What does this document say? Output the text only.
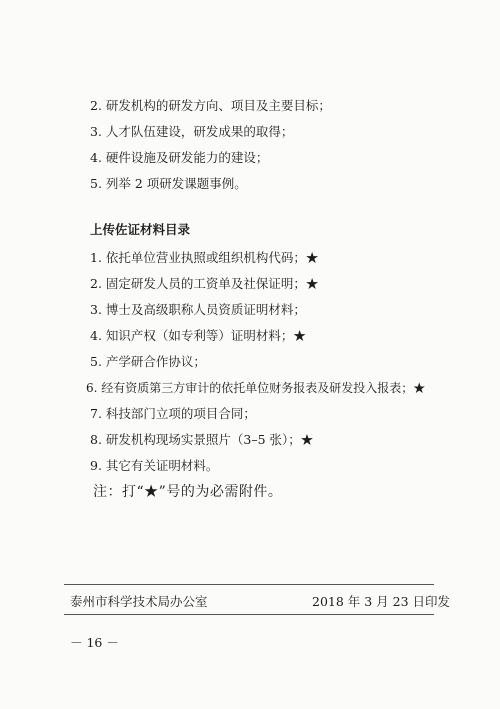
2. 研发机构的研发方向、项目及主要目标；
3. 人才队伍建设，研发成果的取得；
4. 硬件设施及研发能力的建设；
5. 列举 2 项研发课题事例。
上传佐证材料目录
1. 依托单位营业执照或组织机构代码；★
2. 固定研发人员的工资单及社保证明；★
3. 博士及高级职称人员资质证明材料；
4. 知识产权（如专利等）证明材料；★
5. 产学研合作协议；
6. 经有资质第三方审计的依托单位财务报表及研发投入报表；★
7. 科技部门立项的项目合同；
8. 研发机构现场实景照片（3–5 张）；★
9. 其它有关证明材料。
注：打“★”号的为必需附件。
泰州市科学技术局办公室	2018 年 3 月 23 日印发
－ 16 －
